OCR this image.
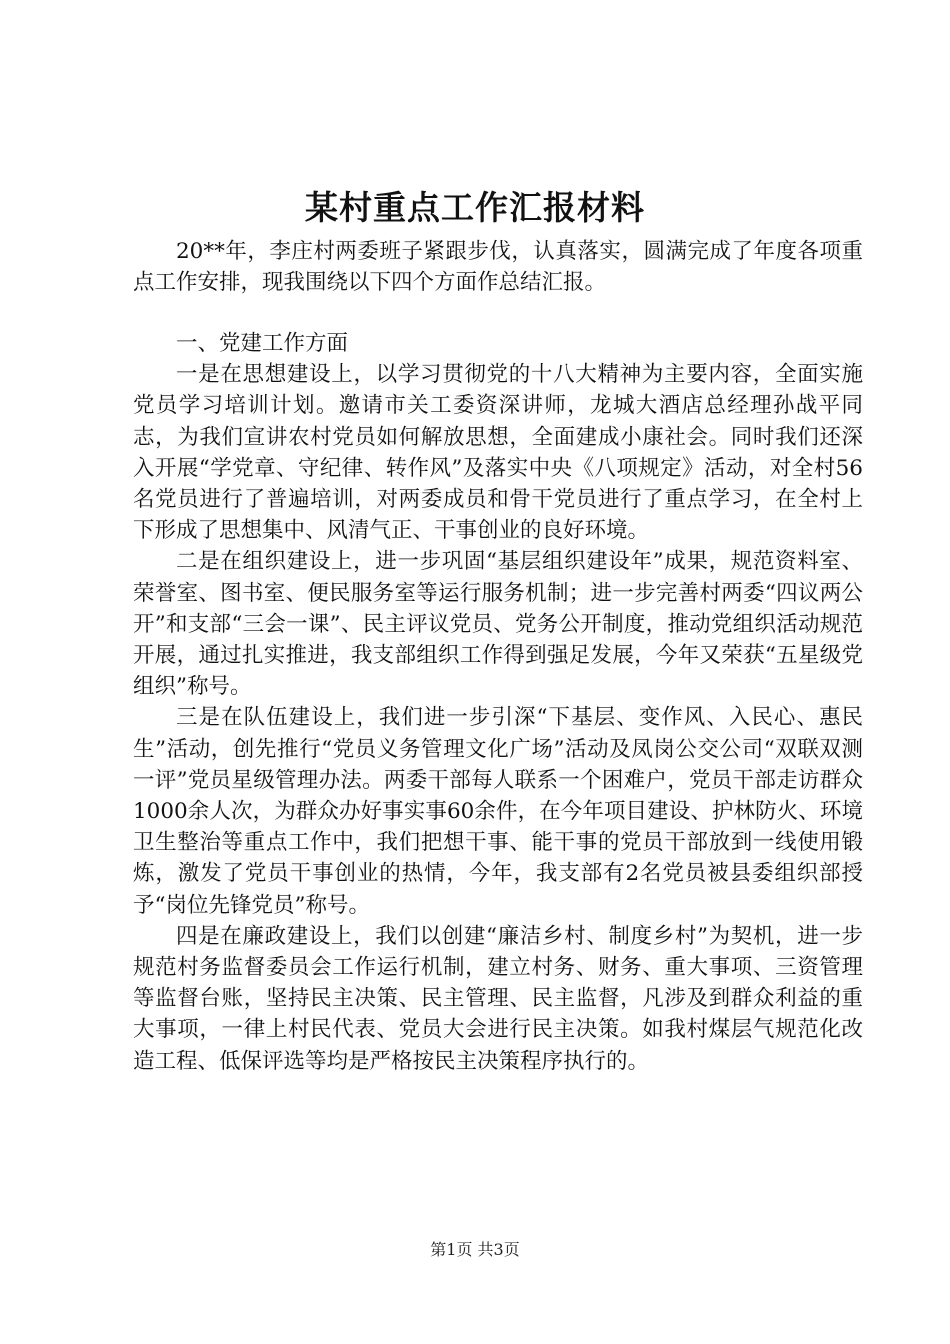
某村重点工作汇报材料

20**年，李庄村两委班子紧跟步伐，认真落实，圆满完成了年度各项重点工作安排，现我围绕以下四个方面作总结汇报。

一、党建工作方面

一是在思想建设上，以学习贯彻党的十八大精神为主要内容，全面实施党员学习培训计划。邀请市关工委资深讲师，龙城大酒店总经理孙战平同志，为我们宣讲农村党员如何解放思想，全面建成小康社会。同时我们还深入开展“学党章、守纪律、转作风”及落实中央《八项规定》活动，对全村56名党员进行了普遍培训，对两委成员和骨干党员进行了重点学习，在全村上下形成了思想集中、风清气正、干事创业的良好环境。

二是在组织建设上，进一步巩固“基层组织建设年”成果，规范资料室、荣誉室、图书室、便民服务室等运行服务机制；进一步完善村两委“四议两公开”和支部“三会一课”、民主评议党员、党务公开制度，推动党组织活动规范开展，通过扎实推进，我支部组织工作得到强足发展，今年又荣获“五星级党组织”称号。

三是在队伍建设上，我们进一步引深“下基层、变作风、入民心、惠民生”活动，创先推行“党员义务管理文化广场”活动及凤岗公交公司“双联双测一评”党员星级管理办法。两委干部每人联系一个困难户，党员干部走访群众1000余人次，为群众办好事实事60余件，在今年项目建设、护林防火、环境卫生整治等重点工作中，我们把想干事、能干事的党员干部放到一线使用锻炼，激发了党员干事创业的热情，今年，我支部有2名党员被县委组织部授予“岗位先锋党员”称号。

四是在廉政建设上，我们以创建“廉洁乡村、制度乡村”为契机，进一步规范村务监督委员会工作运行机制，建立村务、财务、重大事项、三资管理等监督台账，坚持民主决策、民主管理、民主监督，凡涉及到群众利益的重大事项，一律上村民代表、党员大会进行民主决策。如我村煤层气规范化改造工程、低保评选等均是严格按民主决策程序执行的。

第1页 共3页
